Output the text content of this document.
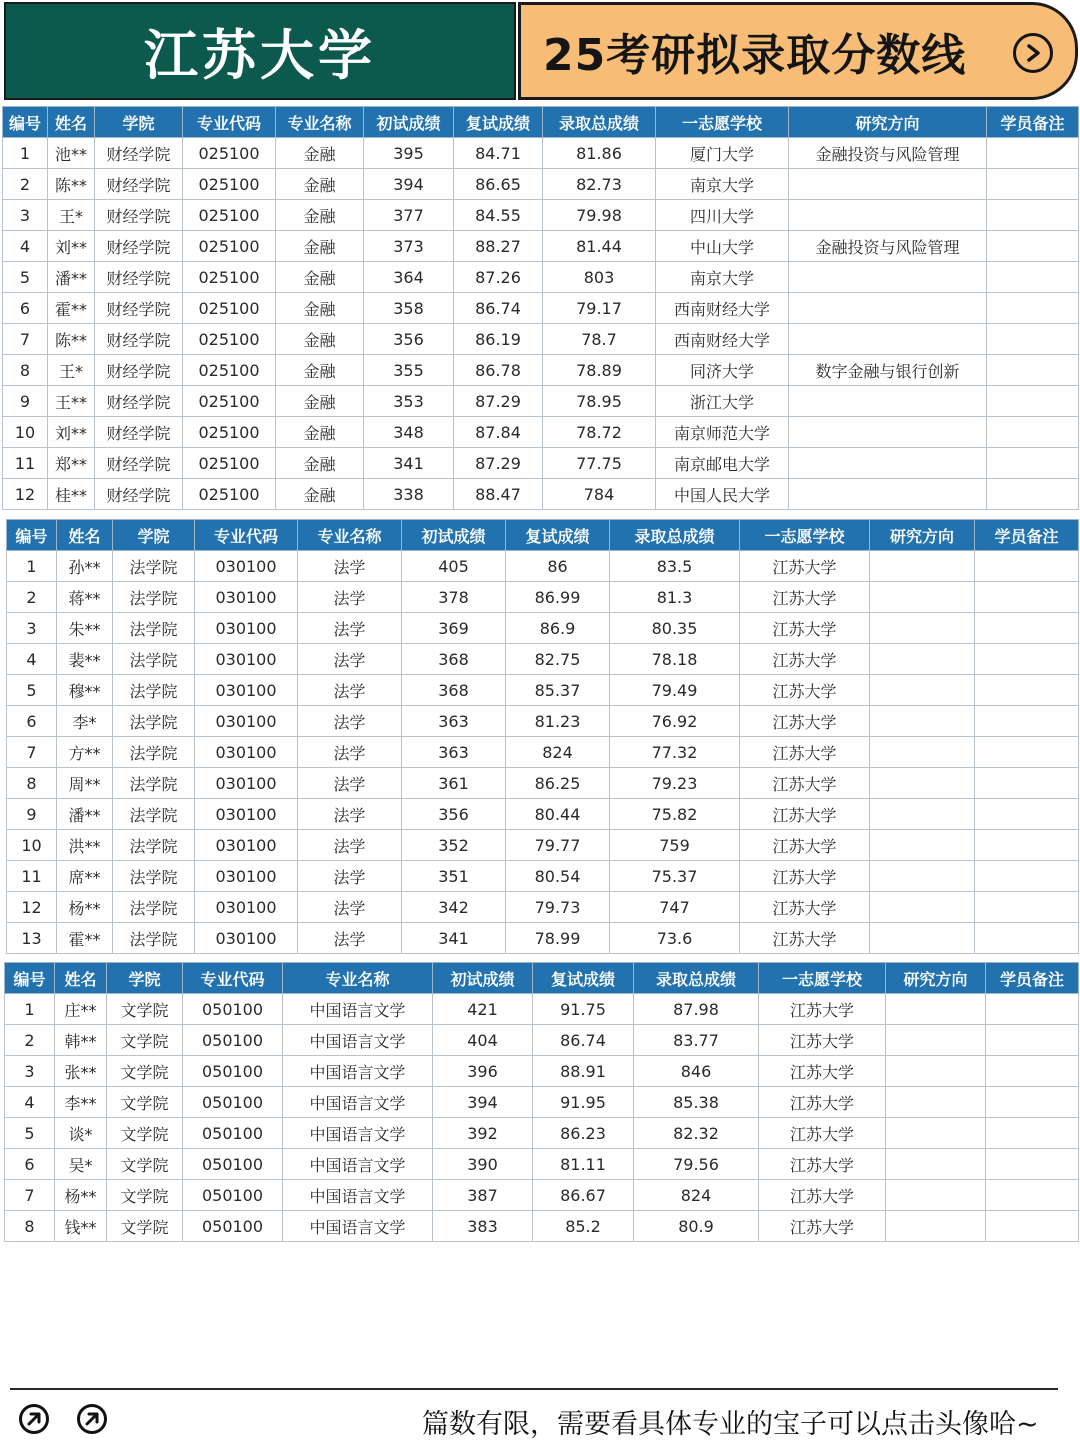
江苏大学	25考研拟录取分数线
编号	姓名	学院	专业代码	专业名称	初试成绩	复试成绩	录取总成绩	一志愿学校	研究方向	学员备注
1	池**	财经学院	025100	金融	395	84.71	81.86	厦门大学	金融投资与风险管理	
2	陈**	财经学院	025100	金融	394	86.65	82.73	南京大学		
3	王*	财经学院	025100	金融	377	84.55	79.98	四川大学		
4	刘**	财经学院	025100	金融	373	88.27	81.44	中山大学	金融投资与风险管理	
5	潘**	财经学院	025100	金融	364	87.26	803	南京大学		
6	霍**	财经学院	025100	金融	358	86.74	79.17	西南财经大学		
7	陈**	财经学院	025100	金融	356	86.19	78.7	西南财经大学		
8	王*	财经学院	025100	金融	355	86.78	78.89	同济大学	数字金融与银行创新	
9	王**	财经学院	025100	金融	353	87.29	78.95	浙江大学		
10	刘**	财经学院	025100	金融	348	87.84	78.72	南京师范大学		
11	郑**	财经学院	025100	金融	341	87.29	77.75	南京邮电大学		
12	桂**	财经学院	025100	金融	338	88.47	784	中国人民大学		
编号	姓名	学院	专业代码	专业名称	初试成绩	复试成绩	录取总成绩	一志愿学校	研究方向	学员备注
1	孙**	法学院	030100	法学	405	86	83.5	江苏大学		
2	蒋**	法学院	030100	法学	378	86.99	81.3	江苏大学		
3	朱**	法学院	030100	法学	369	86.9	80.35	江苏大学		
4	裴**	法学院	030100	法学	368	82.75	78.18	江苏大学		
5	穆**	法学院	030100	法学	368	85.37	79.49	江苏大学		
6	李*	法学院	030100	法学	363	81.23	76.92	江苏大学		
7	方**	法学院	030100	法学	363	824	77.32	江苏大学		
8	周**	法学院	030100	法学	361	86.25	79.23	江苏大学		
9	潘**	法学院	030100	法学	356	80.44	75.82	江苏大学		
10	洪**	法学院	030100	法学	352	79.77	759	江苏大学		
11	席**	法学院	030100	法学	351	80.54	75.37	江苏大学		
12	杨**	法学院	030100	法学	342	79.73	747	江苏大学		
13	霍**	法学院	030100	法学	341	78.99	73.6	江苏大学		
编号	姓名	学院	专业代码	专业名称	初试成绩	复试成绩	录取总成绩	一志愿学校	研究方向	学员备注
1	庄**	文学院	050100	中国语言文学	421	91.75	87.98	江苏大学		
2	韩**	文学院	050100	中国语言文学	404	86.74	83.77	江苏大学		
3	张**	文学院	050100	中国语言文学	396	88.91	846	江苏大学		
4	李**	文学院	050100	中国语言文学	394	91.95	85.38	江苏大学		
5	谈*	文学院	050100	中国语言文学	392	86.23	82.32	江苏大学		
6	吴*	文学院	050100	中国语言文学	390	81.11	79.56	江苏大学		
7	杨**	文学院	050100	中国语言文学	387	86.67	824	江苏大学		
8	钱**	文学院	050100	中国语言文学	383	85.2	80.9	江苏大学		
篇数有限，需要看具体专业的宝子可以点击头像哈~
